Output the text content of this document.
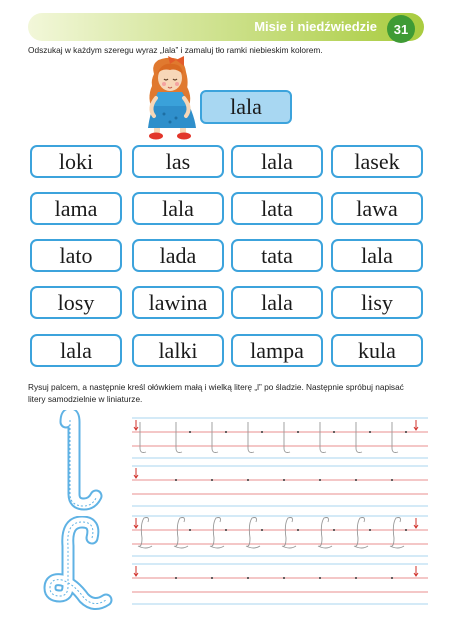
Misie i niedźwiedzie	31
Odszukaj w każdym szeregu wyraz „lala” i zamaluj tło ramki niebieskim kolorem.
lala
loki	las	lala	lasek
lama	lala	lata	lawa
lato	lada	tata	lala
losy	lawina	lala	lisy
lala	lalki	lampa	kula
Rysuj palcem, a następnie kreśl ołówkiem małą i wielką literę „l” po śladzie. Następnie spróbuj napisać
litery samodzielnie w liniaturze.
